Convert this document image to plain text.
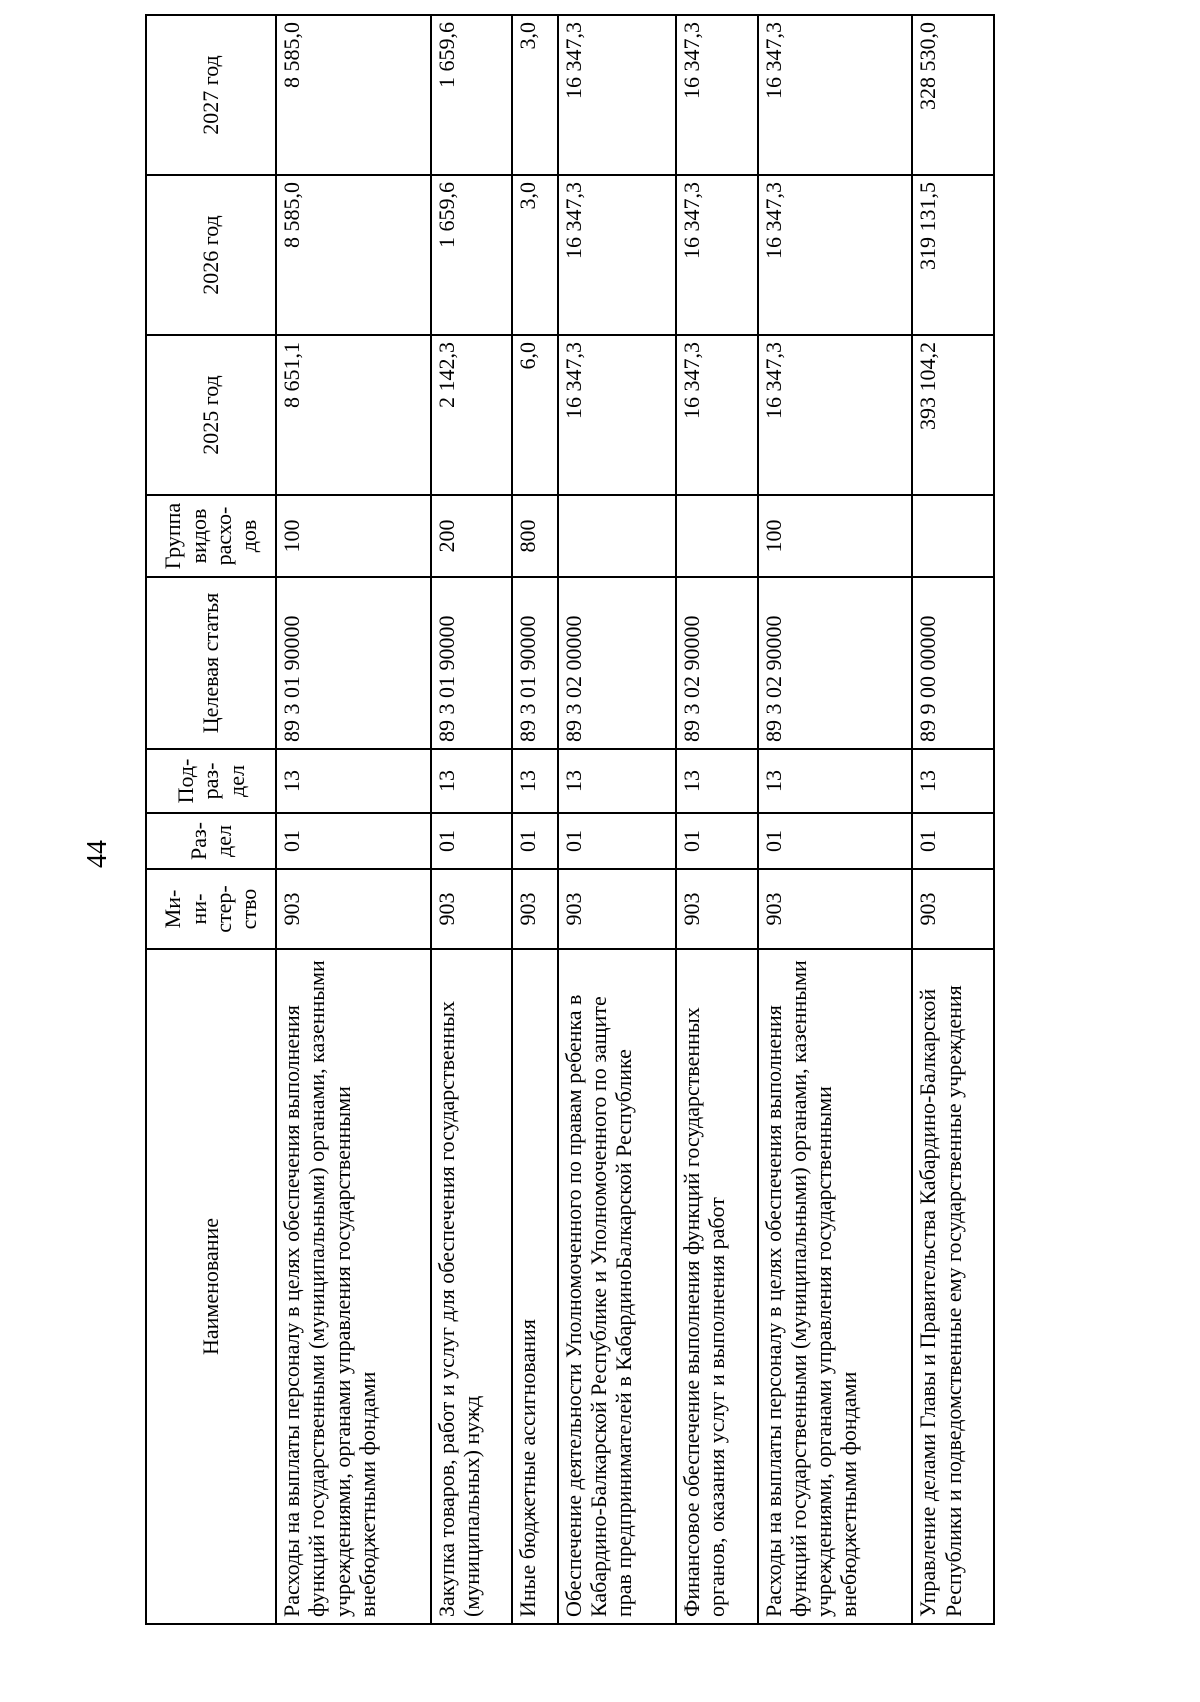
44
Наименование	Ми-ни-стер-ство	Раз-дел	Под-раз-дел	Целевая статья	Группа видов расхо-дов	2025 год	2026 год	2027 год
Расходы на выплаты персоналу в целях обеспечения выполнения функций государственными (муниципальными) органами, казенными учреждениями, органами управления государственными внебюджетными фондами	903	01	13	89 3 01 90000	100	8 651,1	8 585,0	8 585,0
Закупка товаров, работ и услуг для обеспечения государственных (муниципальных) нужд	903	01	13	89 3 01 90000	200	2 142,3	1 659,6	1 659,6
Иные бюджетные ассигнования	903	01	13	89 3 01 90000	800	6,0	3,0	3,0
Обеспечение деятельности Уполномоченного по правам ребенка в Кабардино-Балкарской Республике и Уполномоченного по защите прав предпринимателей в КабардиноБалкарской Республике	903	01	13	89 3 02 00000		16 347,3	16 347,3	16 347,3
Финансовое обеспечение выполнения функций государственных органов, оказания услуг и выполнения работ	903	01	13	89 3 02 90000		16 347,3	16 347,3	16 347,3
Расходы на выплаты персоналу в целях обеспечения выполнения функций государственными (муниципальными) органами, казенными учреждениями, органами управления государственными внебюджетными фондами	903	01	13	89 3 02 90000	100	16 347,3	16 347,3	16 347,3
Управление делами Главы и Правительства Кабардино-Балкарской Республики и подведомственные ему государственные учреждения	903	01	13	89 9 00 00000		393 104,2	319 131,5	328 530,0
